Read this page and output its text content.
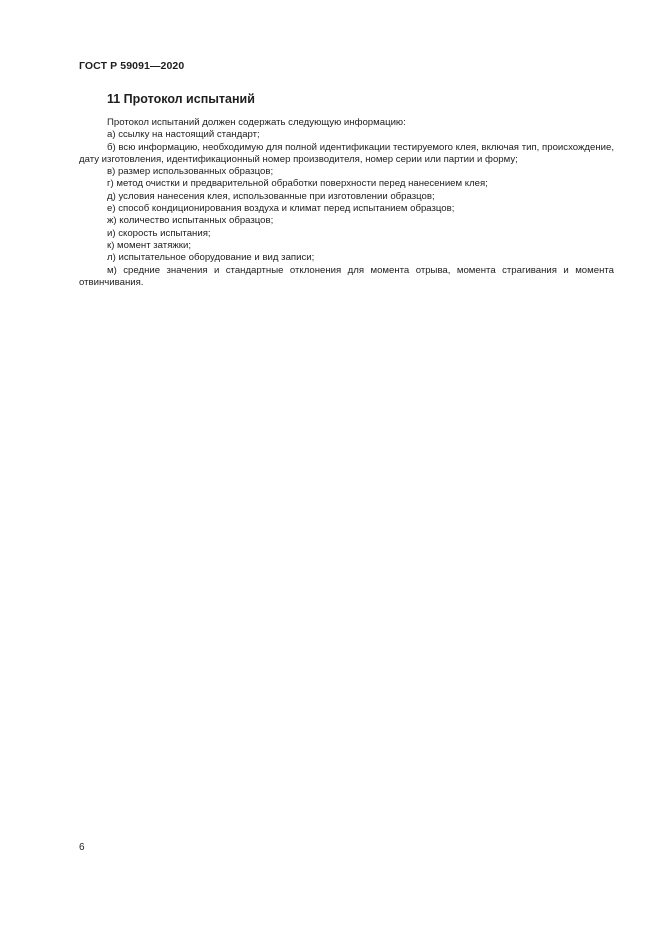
ГОСТ Р 59091—2020
11 Протокол испытаний

Протокол испытаний должен содержать следующую информацию:

а) ссылку на настоящий стандарт;

б) всю информацию, необходимую для полной идентификации тестируемого клея, включая тип, происхождение, дату изготовления, идентификационный номер производителя, номер серии или партии и форму;

в) размер использованных образцов;

г) метод очистки и предварительной обработки поверхности перед нанесением клея;

д) условия нанесения клея, использованные при изготовлении образцов;

е) способ кондиционирования воздуха и климат перед испытанием образцов;

ж) количество испытанных образцов;

и) скорость испытания;

к) момент затяжки;

л) испытательное оборудование и вид записи;

м) средние значения и стандартные отклонения для момента отрыва, момента страгивания и момента отвинчивания.

6
